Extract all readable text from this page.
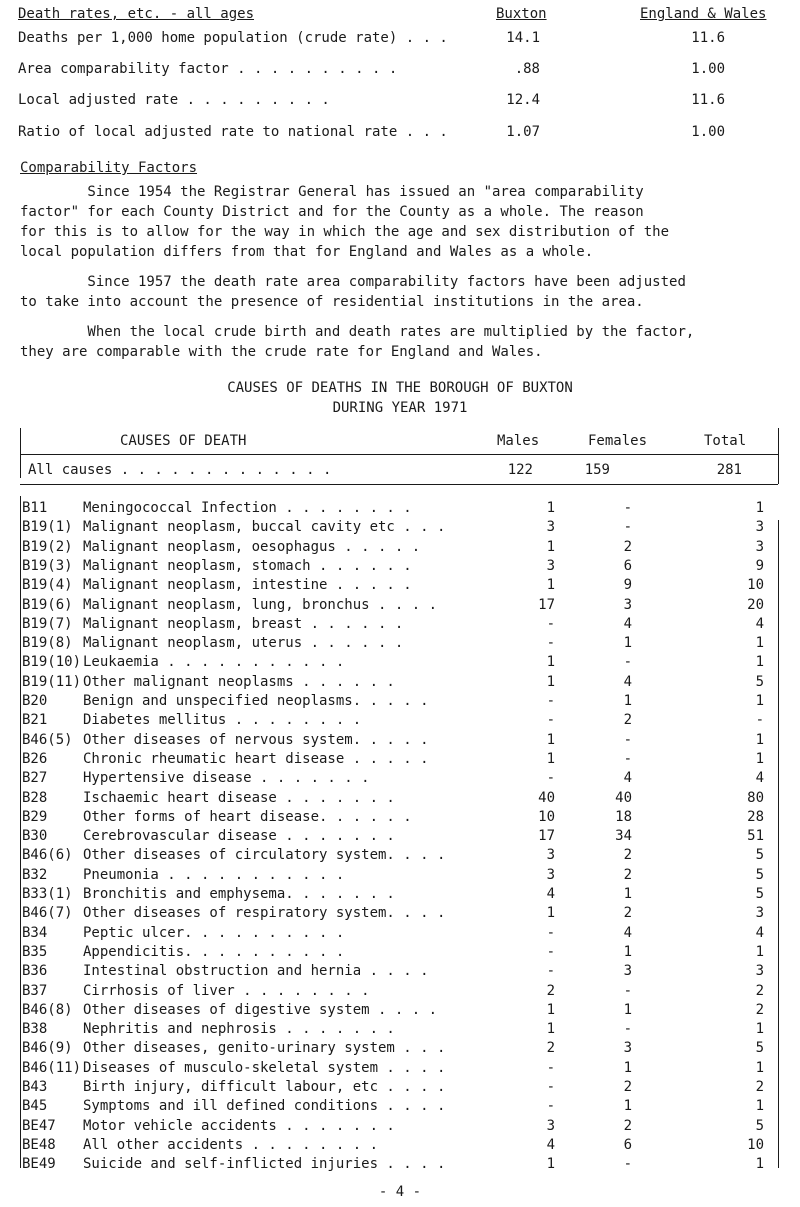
Death rates, etc. - all ages	Buxton	England & Wales
Deaths per 1,000 home population (crude rate) . . .	14.1	11.6
Area comparability factor . . . . . . . . . .	.88	1.00
Local adjusted rate . . . . . . . . .	12.4	11.6
Ratio of local adjusted rate to national rate . . .	1.07	1.00
Comparability Factors
Since 1954 the Registrar General has issued an "area comparability
factor" for each County District and for the County as a whole. The reason
for this is to allow for the way in which the age and sex distribution of the
local population differs from that for England and Wales as a whole.
Since 1957 the death rate area comparability factors have been adjusted
to take into account the presence of residential institutions in the area.
When the local crude birth and death rates are multiplied by the factor,
they are comparable with the crude rate for England and Wales.
CAUSES OF DEATHS IN THE BOROUGH OF BUXTON
DURING YEAR 1971
CAUSES OF DEATH	Males	Females	Total
All causes . . . . . . . . . . . . .	122	159	281
B11	Meningococcal Infection . . . . . . . .	1	-	1
B19(1) Malignant neoplasm, buccal cavity etc . . .	3	-	3
B19(2) Malignant neoplasm, oesophagus . . . . .	1	2	3
B19(3) Malignant neoplasm, stomach . . . . . .	3	6	9
B19(4) Malignant neoplasm, intestine . . . . .	1	9	10
B19(6) Malignant neoplasm, lung, bronchus . . . .	17	3	20
B19(7) Malignant neoplasm, breast . . . . . .	-	4	4
B19(8) Malignant neoplasm, uterus . . . . . .	-	1	1
B19(10) Leukaemia . . . . . . . . . . .	1	-	1
B19(11) Other malignant neoplasms . . . . . .	1	4	5
B20	Benign and unspecified neoplasms. . . . .	-	1	1
B21	Diabetes mellitus . . . . . . . .	-	2	-
B46(5) Other diseases of nervous system. . . . .	1	-	1
B26	Chronic rheumatic heart disease . . . . .	1	-	1
B27	Hypertensive disease . . . . . . .	-	4	4
B28	Ischaemic heart disease . . . . . . .	40	40	80
B29	Other forms of heart disease. . . . . .	10	18	28
B30	Cerebrovascular disease . . . . . . .	17	34	51
B46(6) Other diseases of circulatory system. . . .	3	2	5
B32	Pneumonia . . . . . . . . . . .	3	2	5
B33(1) Bronchitis and emphysema. . . . . . .	4	1	5
B46(7) Other diseases of respiratory system. . . .	1	2	3
B34	Peptic ulcer. . . . . . . . . .	-	4	4
B35	Appendicitis. . . . . . . . . .	-	1	1
B36	Intestinal obstruction and hernia . . . .	-	3	3
B37	Cirrhosis of liver . . . . . . . .	2	-	2
B46(8) Other diseases of digestive system . . . .	1	1	2
B38	Nephritis and nephrosis . . . . . . .	1	-	1
B46(9) Other diseases, genito-urinary system . . .	2	3	5
B46(11) Diseases of musculo-skeletal system . . . .	-	1	1
B43	Birth injury, difficult labour, etc . . . .	-	2	2
B45	Symptoms and ill defined conditions . . . .	-	1	1
BE47 Motor vehicle accidents . . . . . . .	3	2	5
BE48 All other accidents . . . . . . . .	4	6	10
BE49 Suicide and self-inflicted injuries . . . .	1	-	1
- 4 -
